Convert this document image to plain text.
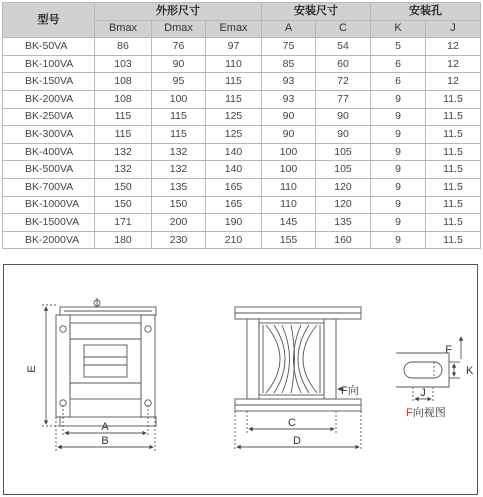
型号	外形尺寸			安装尺寸		安装孔	
	Bmax	Dmax	Emax	A	C	K	J
BK-50VA	86	76	97	75	54	5	12
BK-100VA	103	90	110	85	60	6	12
BK-150VA	108	95	115	93	72	6	12
BK-200VA	108	100	115	93	77	9	11.5
BK-250VA	115	115	125	90	90	9	11.5
BK-300VA	115	115	125	90	90	9	11.5
BK-400VA	132	132	140	100	105	9	11.5
BK-500VA	132	132	140	100	105	9	11.5
BK-700VA	150	135	165	110	120	9	11.5
BK-1000VA	150	150	165	110	120	9	11.5
BK-1500VA	171	200	190	145	135	9	11.5
BK-2000VA	180	230	210	155	160	9	11.5
E
A
B
C
D
F向
F
K
J
F向视图
